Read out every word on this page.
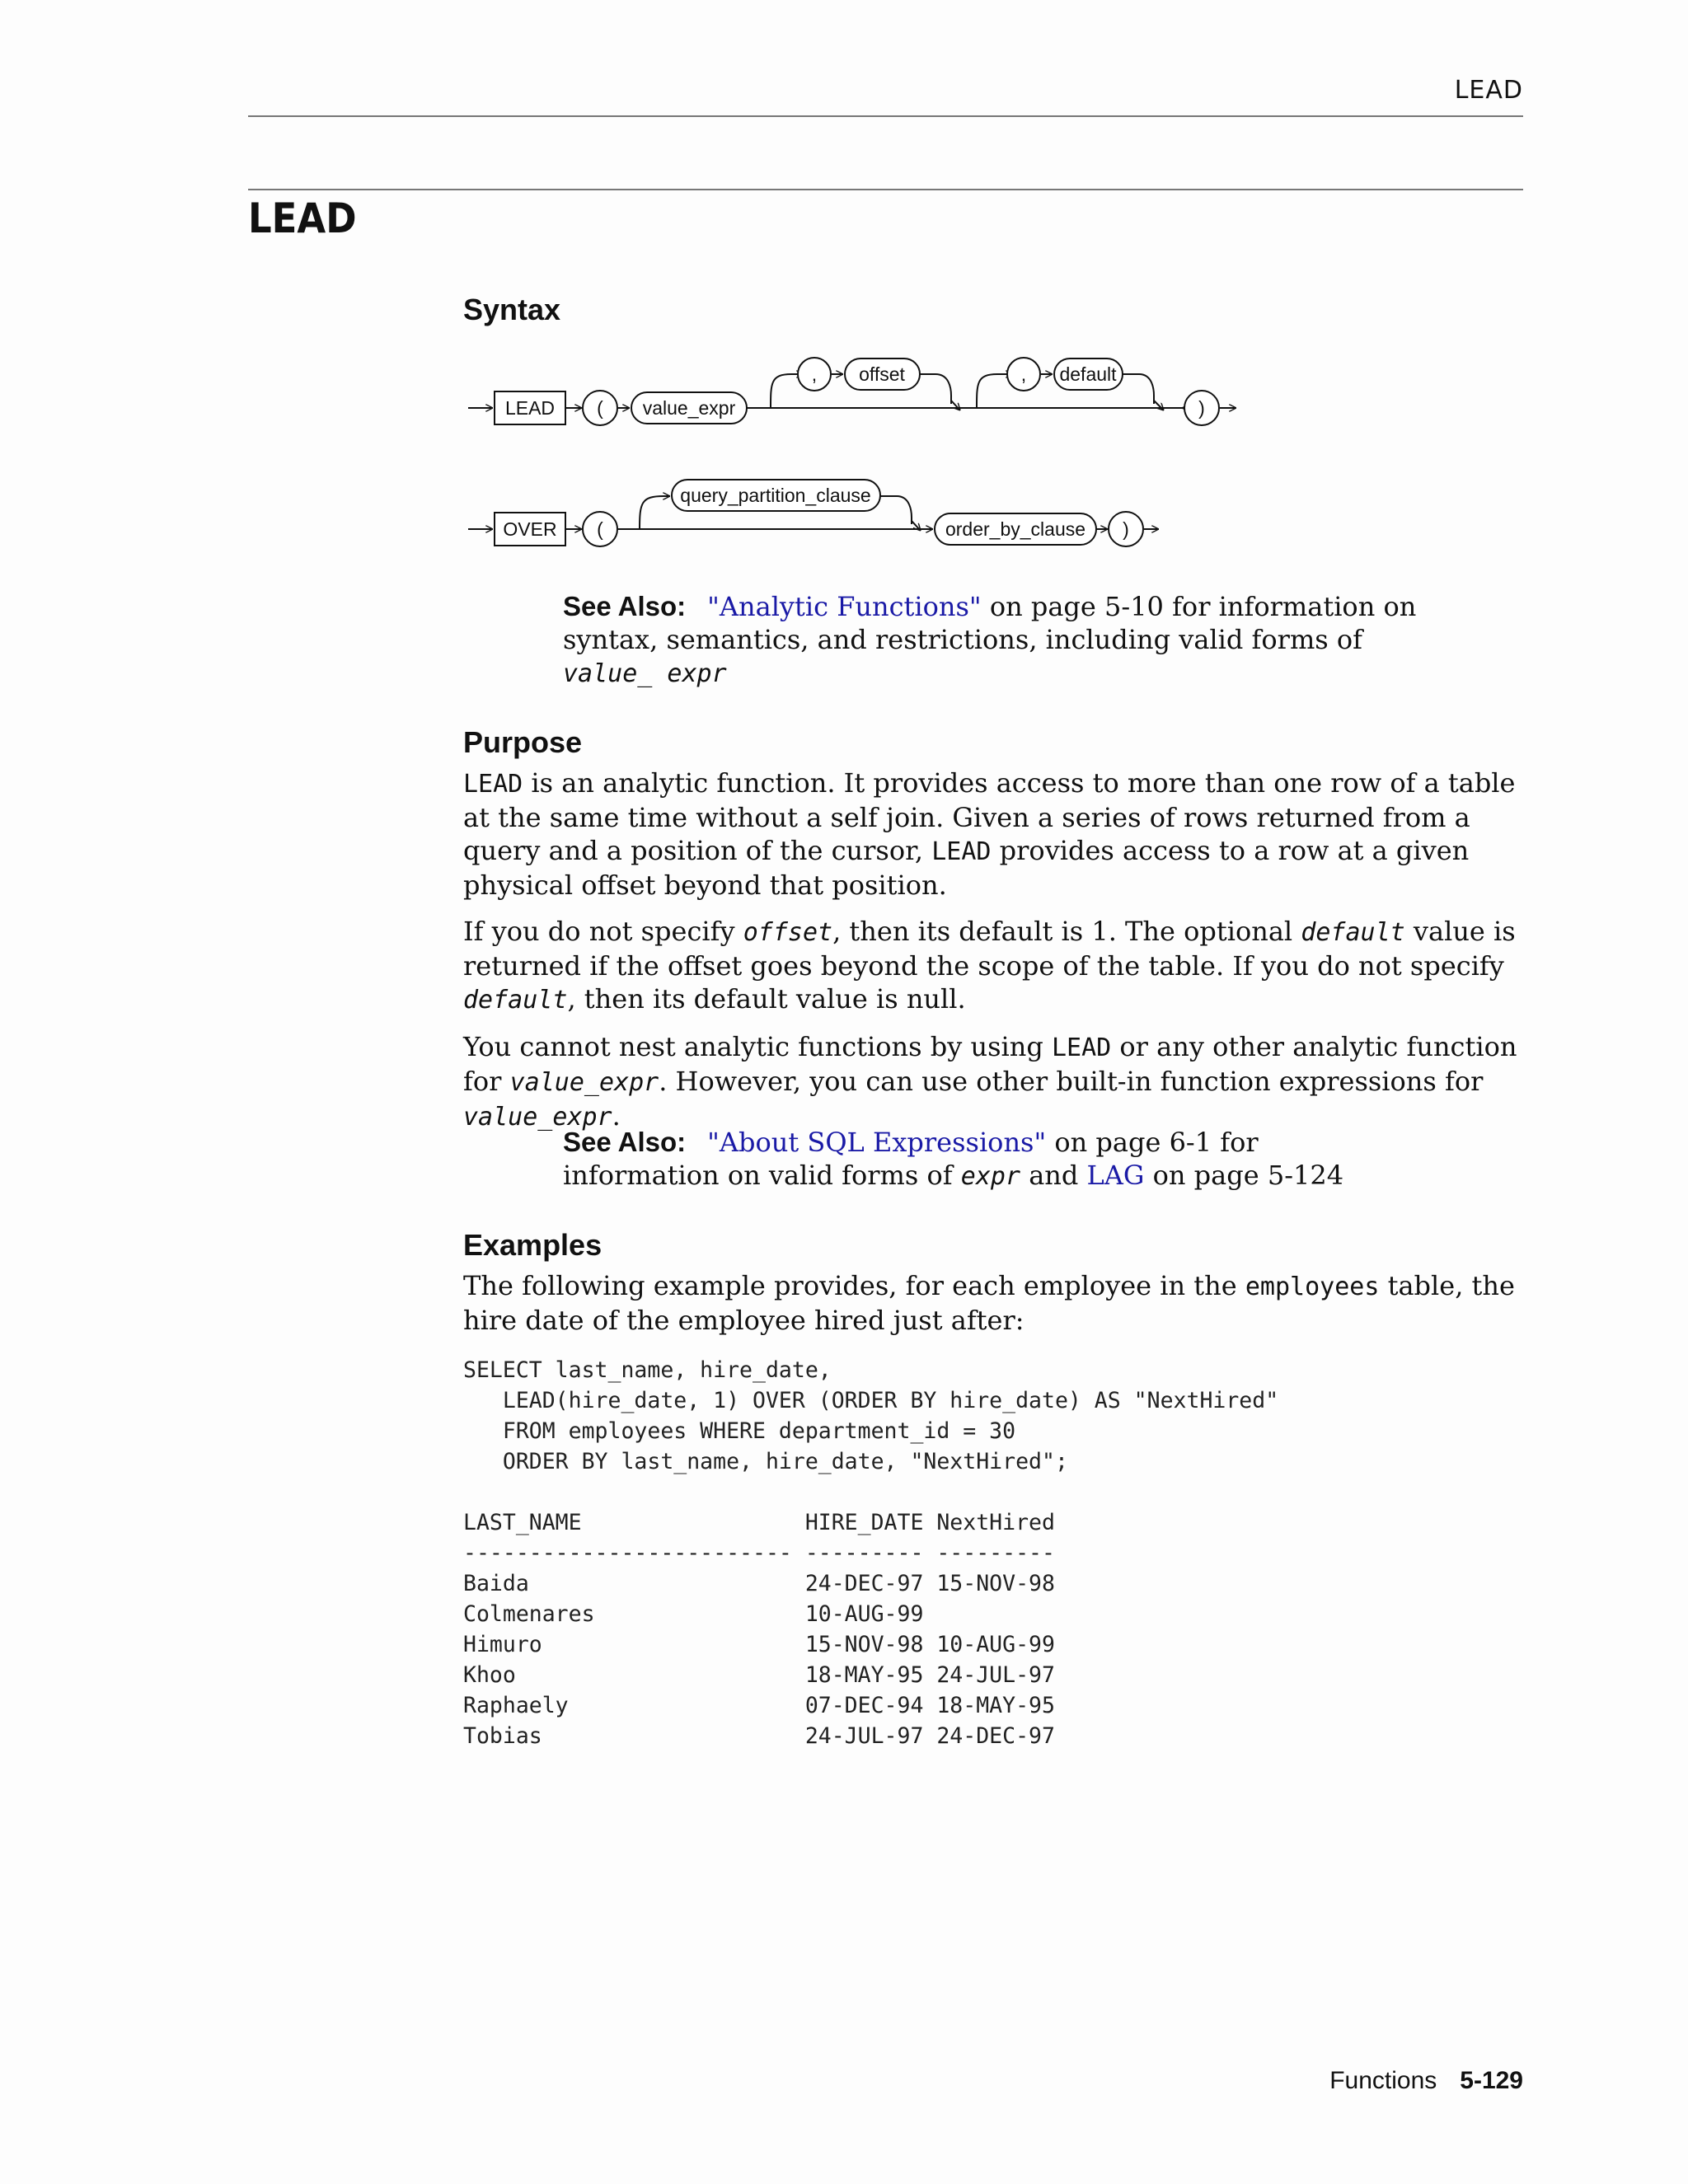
LEAD
LEAD
Syntax
LEAD ( value_expr
, offset	, default
)
OVER (
query_partition_clause
order_by_clause )

See Also: "Analytic Functions" on page 5-10 for information on syntax, semantics, and restrictions, including valid forms of value_ expr

Purpose

LEAD is an analytic function. It provides access to more than one row of a table at the same time without a self join. Given a series of rows returned from a query and a position of the cursor, LEAD provides access to a row at a given physical offset beyond that position.

If you do not specify offset, then its default is 1. The optional default value is returned if the offset goes beyond the scope of the table. If you do not specify default, then its default value is null.

You cannot nest analytic functions by using LEAD or any other analytic function for value_expr. However, you can use other built-in function expressions for value_expr.

See Also: "About SQL Expressions" on page 6-1 for information on valid forms of expr and LAG on page 5-124

Examples

The following example provides, for each employee in the employees table, the hire date of the employee hired just after:

SELECT last_name, hire_date,
LEAD(hire_date, 1) OVER (ORDER BY hire_date) AS "NextHired"
FROM employees WHERE department_id = 30
ORDER BY last_name, hire_date, "NextHired";
LAST_NAME                 HIRE_DATE NextHired
------------------------- --------- ---------
Baida                     24-DEC-97 15-NOV-98
Colmenares                10-AUG-99
Himuro                    15-NOV-98 10-AUG-99
Khoo                      18-MAY-95 24-JUL-97
Raphaely                  07-DEC-94 18-MAY-95
Tobias                    24-JUL-97 24-DEC-97
Functions 5-129
